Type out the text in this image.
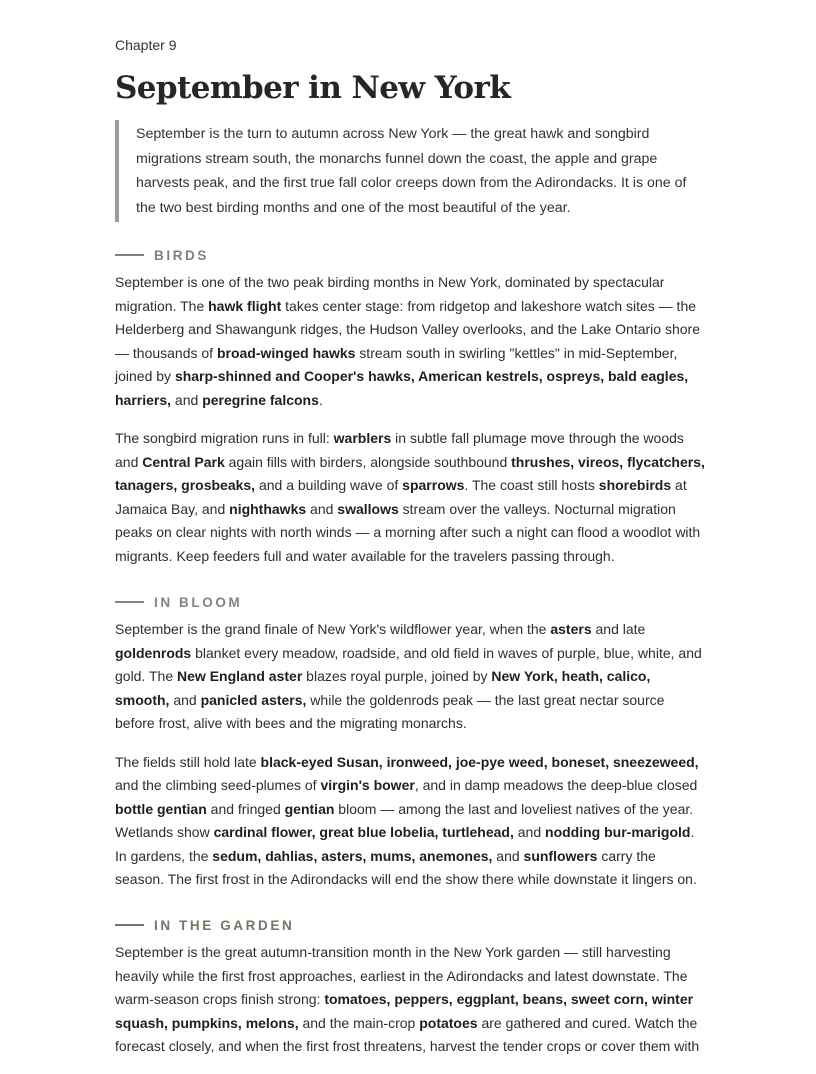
Chapter 9

September in New York
September is the turn to autumn across New York — the great hawk and songbird migrations stream south, the monarchs funnel down the coast, the apple and grape harvests peak, and the first true fall color creeps down from the Adirondacks. It is one of the two best birding months and one of the most beautiful of the year.
BIRDS

September is one of the two peak birding months in New York, dominated by spectacular migration. The hawk flight takes center stage: from ridgetop and lakeshore watch sites — the Helderberg and Shawangunk ridges, the Hudson Valley overlooks, and the Lake Ontario shore — thousands of broad-winged hawks stream south in swirling "kettles" in mid-September, joined by sharp-shinned and Cooper's hawks, American kestrels, ospreys, bald eagles, harriers, and peregrine falcons.

The songbird migration runs in full: warblers in subtle fall plumage move through the woods and Central Park again fills with birders, alongside southbound thrushes, vireos, flycatchers, tanagers, grosbeaks, and a building wave of sparrows. The coast still hosts shorebirds at Jamaica Bay, and nighthawks and swallows stream over the valleys. Nocturnal migration peaks on clear nights with north winds — a morning after such a night can flood a woodlot with migrants. Keep feeders full and water available for the travelers passing through.

IN BLOOM

September is the grand finale of New York's wildflower year, when the asters and late goldenrods blanket every meadow, roadside, and old field in waves of purple, blue, white, and gold. The New England aster blazes royal purple, joined by New York, heath, calico, smooth, and panicled asters, while the goldenrods peak — the last great nectar source before frost, alive with bees and the migrating monarchs.

The fields still hold late black-eyed Susan, ironweed, joe-pye weed, boneset, sneezeweed, and the climbing seed-plumes of virgin's bower, and in damp meadows the deep-blue closed bottle gentian and fringed gentian bloom — among the last and loveliest natives of the year. Wetlands show cardinal flower, great blue lobelia, turtlehead, and nodding bur-marigold. In gardens, the sedum, dahlias, asters, mums, anemones, and sunflowers carry the season. The first frost in the Adirondacks will end the show there while downstate it lingers on.

IN THE GARDEN

September is the great autumn-transition month in the New York garden — still harvesting heavily while the first frost approaches, earliest in the Adirondacks and latest downstate. The warm-season crops finish strong: tomatoes, peppers, eggplant, beans, sweet corn, winter squash, pumpkins, melons, and the main-crop potatoes are gathered and cured. Watch the forecast closely, and when the first frost threatens, harvest the tender crops or cover them with
